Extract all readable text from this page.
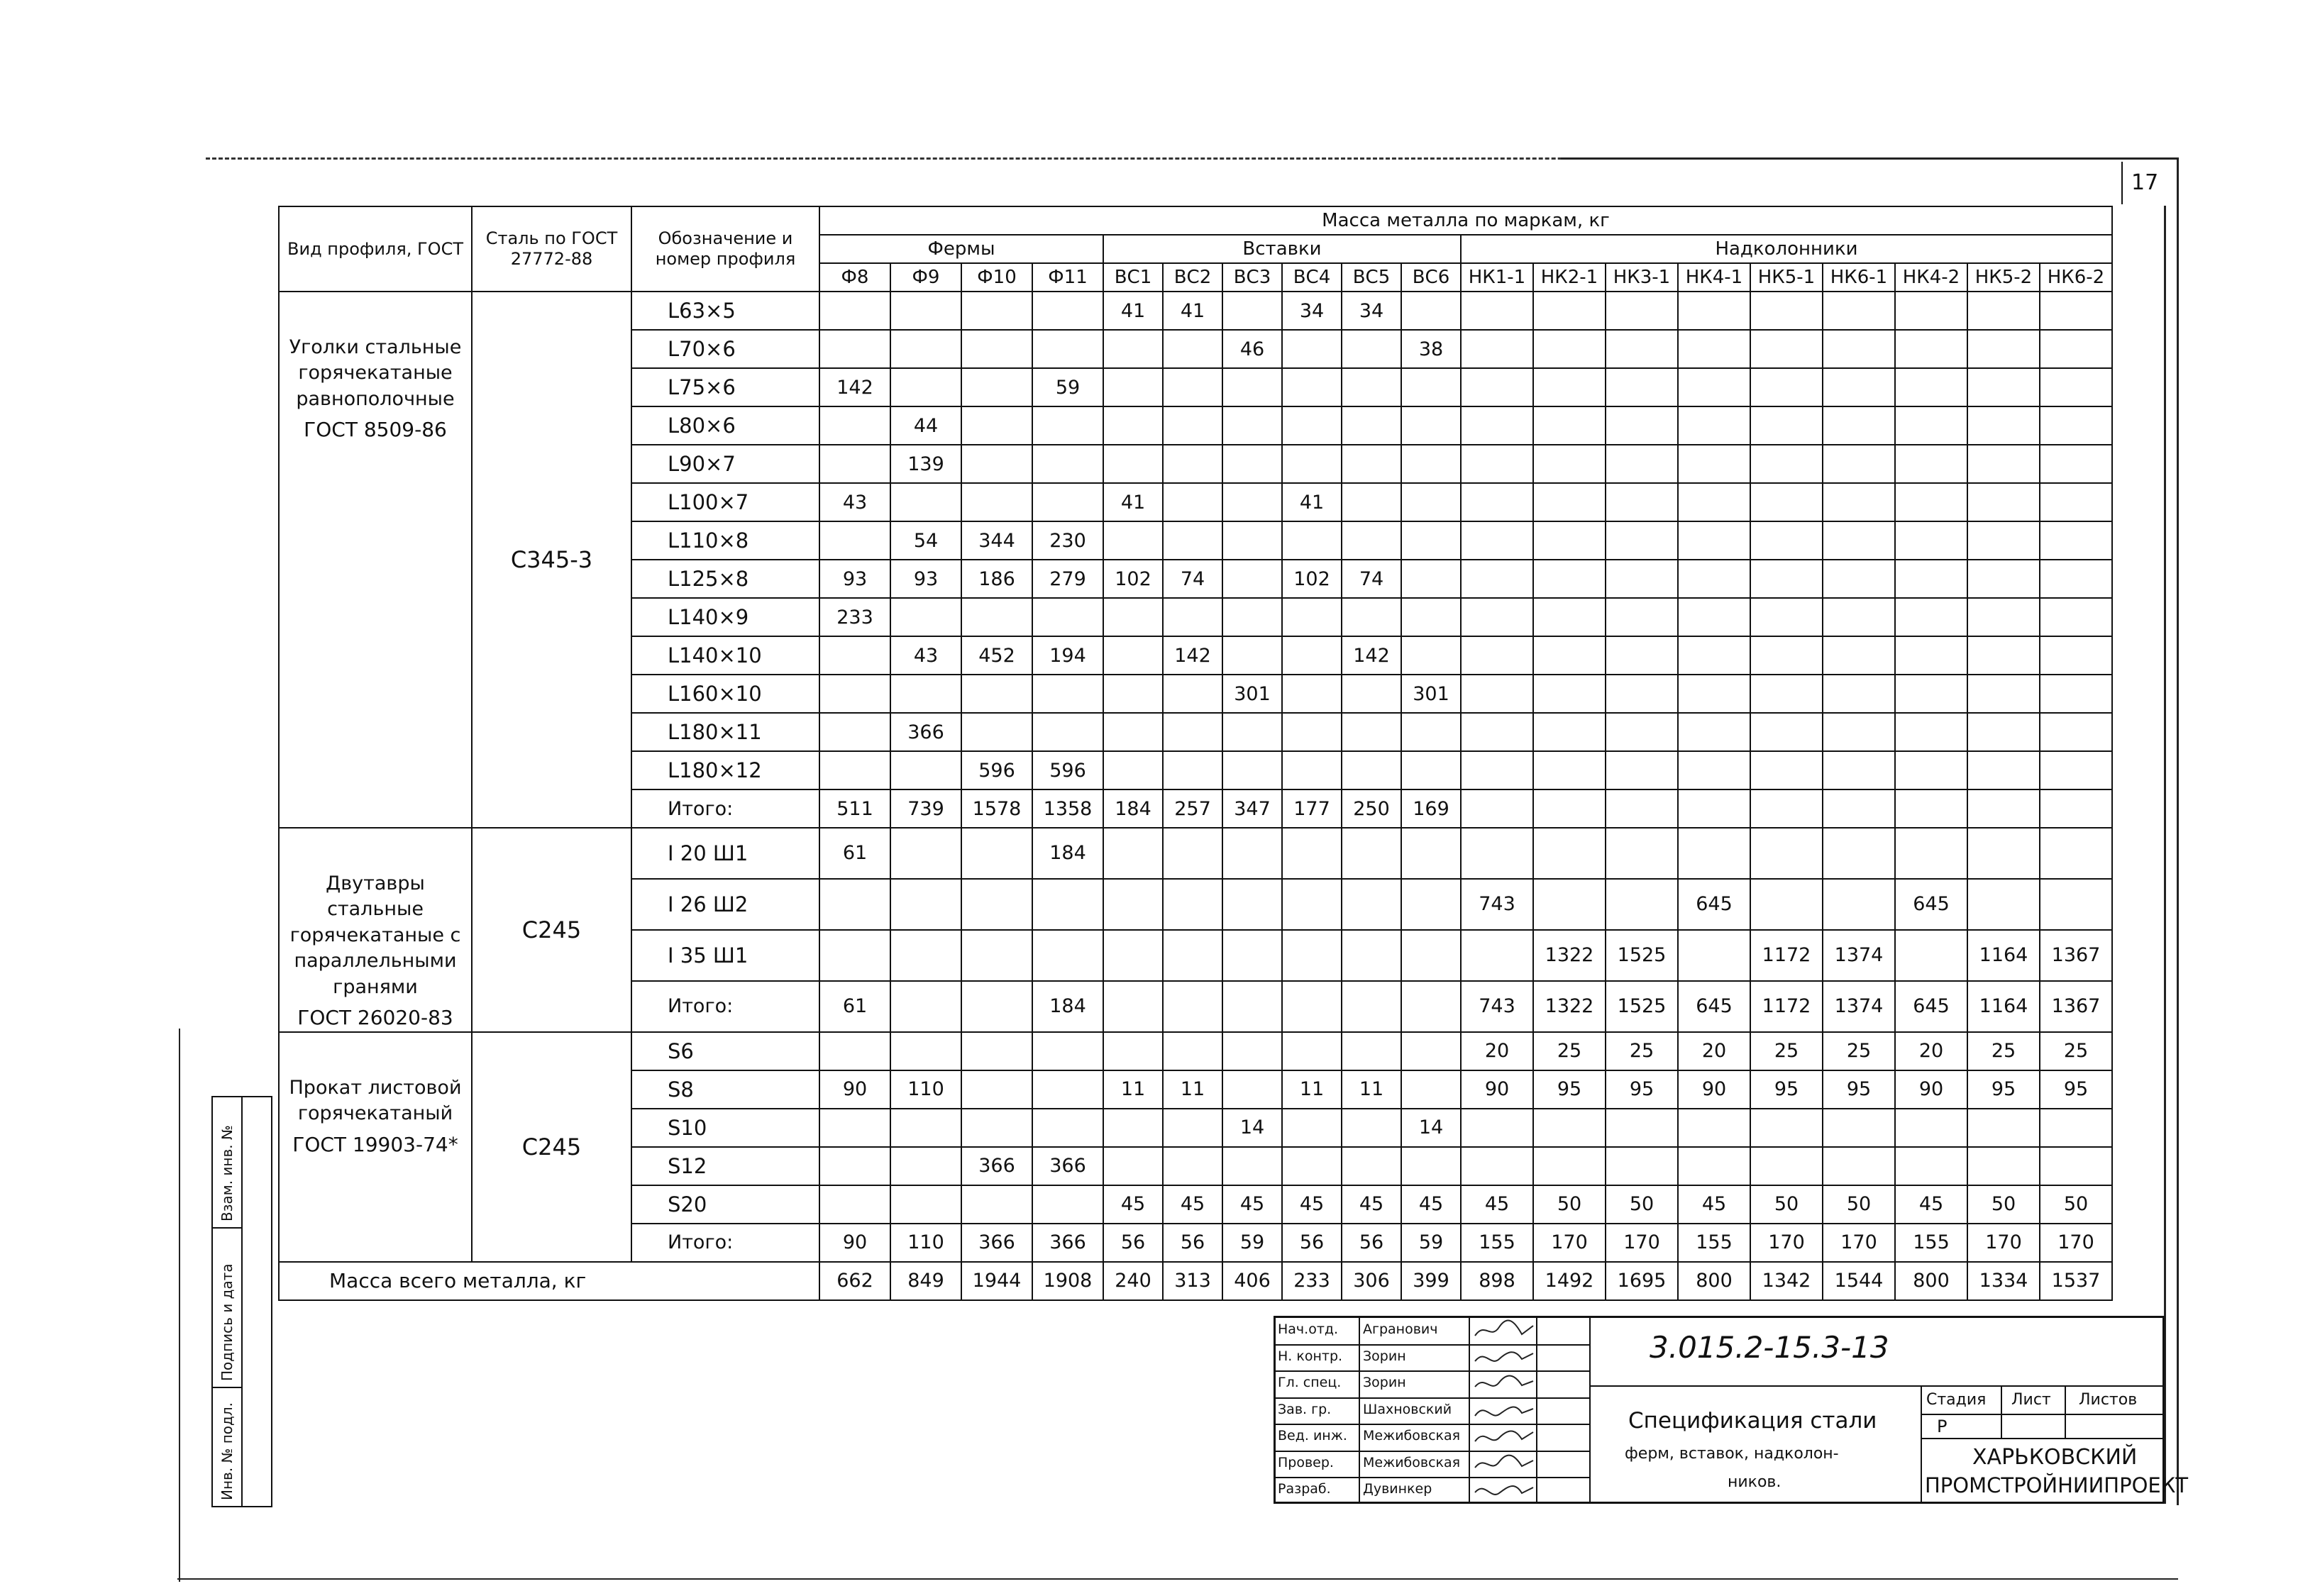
17
Вид профиля, ГОСТ	Сталь по ГОСТ 27772-88	Обозначение и номер профиля	Масса металла по маркам, кг																		
			Фермы				Вставки						Надколонники								
			Ф8	Ф9	Ф10	Ф11	ВС1	ВС2	ВС3	ВС4	ВС5	ВС6	НК1-1	НК2-1	НК3-1	НК4-1	НК5-1	НК6-1	НК4-2	НК5-2	НК6-2

Уголки стальные горячекатаные равнополочные
ГОСТ 8509-86	С345-3	L63×5					41	41		34	34										
		L70×6							46			38									
		L75×6	142			59															
		L80×6		44																	
		L90×7		139																	
		L100×7	43				41			41											
		L110×8		54	344	230															
		L125×8	93	93	186	279	102	74		102	74										
		L140×9	233																		
		L140×10		43	452	194		142			142										
		L160×10							301			301									
		L180×11		366																	
		L180×12			596	596															
		Итого:	511	739	1578	1358	184	257	347	177	250	169									

Двутавры стальные горячекатаные с параллельными гранями
ГОСТ 26020-83	С245	I 20 Ш1	61			184															
		I 26 Ш2											743			645			645		
		I 35 Ш1												1322	1525		1172	1374		1164	1367
		Итого:	61			184							743	1322	1525	645	1172	1374	645	1164	1367

Прокат листовой горячекатаный
ГОСТ 19903-74*	С245	S6											20	25	25	20	25	25	20	25	25
		S8	90	110			11	11		11	11		90	95	95	90	95	95	90	95	95
		S10							14			14									
		S12			366	366															
		S20					45	45	45	45	45	45	45	50	50	45	50	50	45	50	50
		Итого:	90	110	366	366	56	56	59	56	56	59	155	170	170	155	170	170	155	170	170
Масса всего металла, кг			662	849	1944	1908	240	313	406	233	306	399	898	1492	1695	800	1342	1544	800	1334	1537
Взам. инв. №
Подпись и дата
Инв. № подл.
Нач.отд. Агранович
Н. контр. Зорин
Гл. спец. Зорин
Зав. гр. Шахновский
Вед. инж. Межибовская
Провер. Межибовская
Разраб. Дувинкер
3.015.2-15.3-13
Спецификация стали
ферм, вставок, надколон-
ников.
Стадия Лист Листов
Р
ХАРЬКОВСКИЙ
ПРОМСТРОЙНИИПРОЕКТ
